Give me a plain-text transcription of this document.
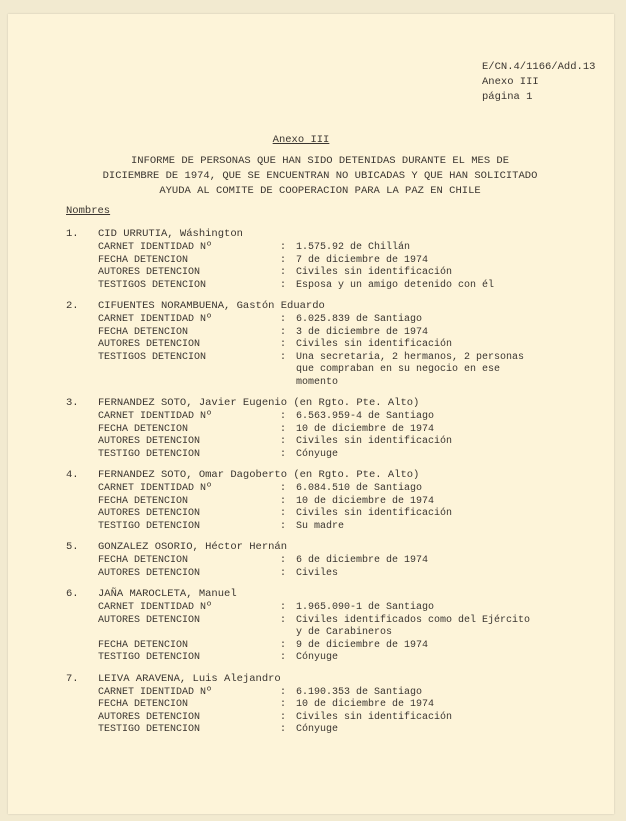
E/CN.4/1166/Add.13
Anexo III
página 1
Anexo III
INFORME DE PERSONAS QUE HAN SIDO DETENIDAS DURANTE EL MES DE DICIEMBRE DE 1974, QUE SE ENCUENTRAN NO UBICADAS Y QUE HAN SOLICITADO AYUDA AL COMITE DE COOPERACION PARA LA PAZ EN CHILE
Nombres
1.	CID URRUTIA, Wáshington
CARNET IDENTIDAD Nº	: 1.575.92 de Chillán
FECHA DETENCION	: 7 de diciembre de 1974
AUTORES DETENCION	: Civiles sin identificación
TESTIGOS DETENCION	: Esposa y un amigo detenido con él
2.	CIFUENTES NORAMBUENA, Gastón Eduardo
CARNET IDENTIDAD Nº	: 6.025.839 de Santiago
FECHA DETENCION	: 3 de diciembre de 1974
AUTORES DETENCION	: Civiles sin identificación
TESTIGOS DETENCION	: Una secretaria, 2 hermanos, 2 personas
que compraban en su negocio en ese
momento
3.	FERNANDEZ SOTO, Javier Eugenio (en Rgto. Pte. Alto)
CARNET IDENTIDAD Nº	: 6.563.959-4 de Santiago
FECHA DETENCION	: 10 de diciembre de 1974
AUTORES DETENCION	: Civiles sin identificación
TESTIGO DETENCION	: Cónyuge
4.	FERNANDEZ SOTO, Omar Dagoberto (en Rgto. Pte. Alto)
CARNET IDENTIDAD Nº	: 6.084.510 de Santiago
FECHA DETENCION	: 10 de diciembre de 1974
AUTORES DETENCION	: Civiles sin identificación
TESTIGO DETENCION	: Su madre
5.	GONZALEZ OSORIO, Héctor Hernán
FECHA DETENCION	: 6 de diciembre de 1974
AUTORES DETENCION	: Civiles
6.	JAÑA MAROCLETA, Manuel
CARNET IDENTIDAD Nº	: 1.965.090-1 de Santiago
AUTORES DETENCION	: Civiles identificados como del Ejército
y de Carabineros
FECHA DETENCION	: 9 de diciembre de 1974
TESTIGO DETENCION	: Cónyuge
7.	LEIVA ARAVENA, Luis Alejandro
CARNET IDENTIDAD Nº	: 6.190.353 de Santiago
FECHA DETENCION	: 10 de diciembre de 1974
AUTORES DETENCION	: Civiles sin identificación
TESTIGO DETENCION	: Cónyuge
